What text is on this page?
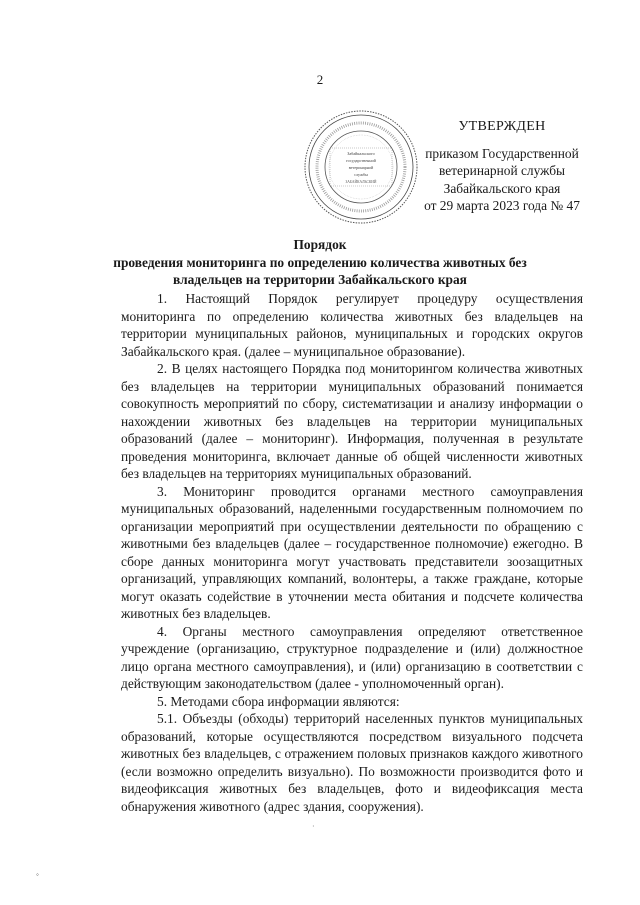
2
Забайкальского
государственной
ветеринарной
службы
ЗАБАЙКАЛЬСКИЙ
УТВЕРЖДЕН
приказом Государственной
ветеринарной службы
Забайкальского края
от 29 марта 2023 года № 47
Порядок
проведения мониторинга по определению количества животных без
владельцев на территории Забайкальского края

1. Настоящий Порядок регулирует процедуру осуществления мониторинга по определению количества животных без владельцев на территории муниципальных районов, муниципальных и городских округов Забайкальского края. (далее – муниципальное образование).

2. В целях настоящего Порядка под мониторингом количества животных без владельцев на территории муниципальных образований понимается совокупность мероприятий по сбору, систематизации и анализу информации о нахождении животных без владельцев на территории муниципальных образований (далее – мониторинг). Информация, полученная в результате проведения мониторинга, включает данные об общей численности животных без владельцев на территориях муниципальных образований.

3. Мониторинг проводится органами местного самоуправления муниципальных образований, наделенными государственным полномочием по организации мероприятий при осуществлении деятельности по обращению с животными без владельцев (далее – государственное полномочие) ежегодно. В сборе данных мониторинга могут участвовать представители зоозащитных организаций, управляющих компаний, волонтеры, а также граждане, которые могут оказать содействие в уточнении места обитания и подсчете количества животных без владельцев.

4. Органы местного самоуправления определяют ответственное учреждение (организацию, структурное подразделение и (или) должностное лицо органа местного самоуправления), и (или) организацию в соответствии с действующим законодательством (далее - уполномоченный орган).

5. Методами сбора информации являются:

5.1. Объезды (обходы) территорий населенных пунктов муниципальных образований, которые осуществляются посредством визуального подсчета животных без владельцев, с отражением половых признаков каждого животного (если возможно определить визуально). По возможности производится фото и видеофиксация животных без владельцев, фото и видеофиксация места обнаружения животного (адрес здания, сооружения).

·
◦
